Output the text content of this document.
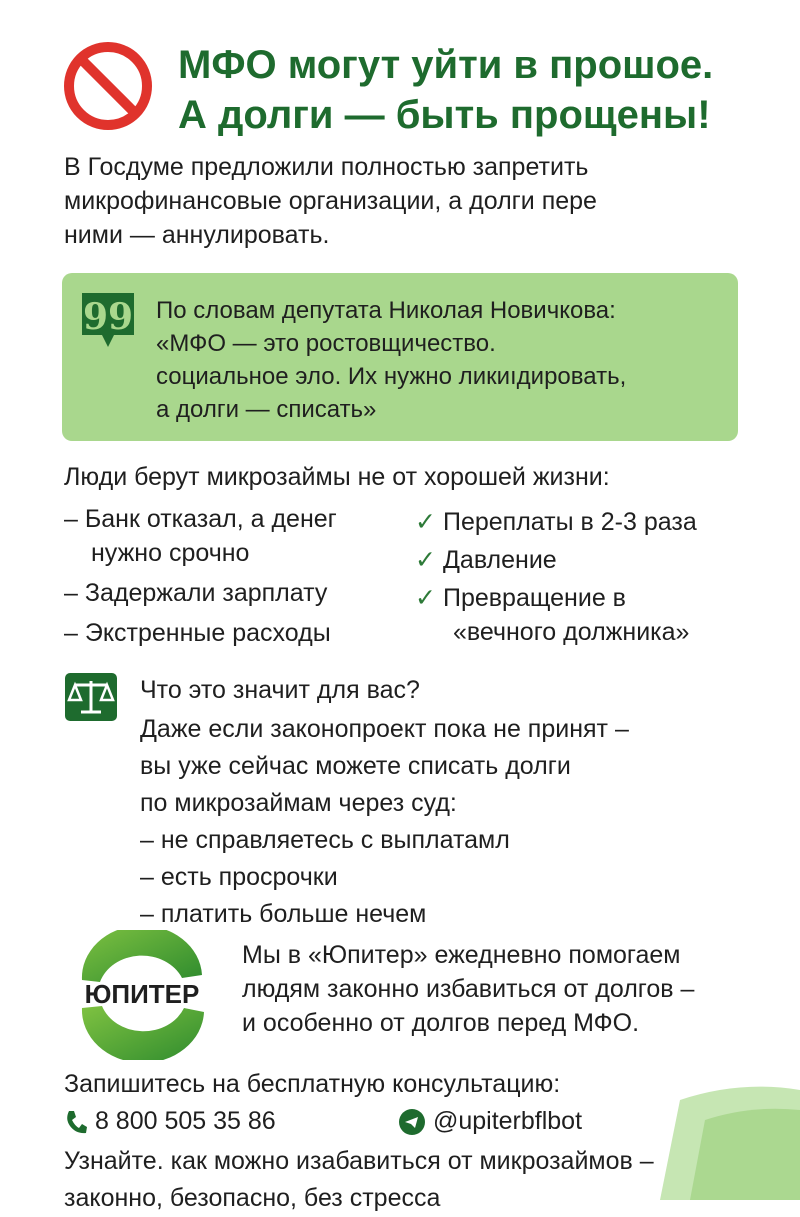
МФО могут уйти в прошое.
А долги — быть прощены!
В Госдуме предложили полностью запретить
микрофинансовые организации, а долги пере
ними — аннулировать.
99 По словам депутата Николая Новичкова:
«МФО — это ростовщичество.
социальное эло. Их нужно ликиıдировать,
а долги — списать»
Люди берут микрозаймы не от хорошей жизни:
– Банк отказал, а денег
нужно срочно
– Задержали зарплату
– Экстренные расходы
✓ Переплаты в 2-3 раза
✓ Давление
✓ Превращение в
«вечного должника»
Что это значит для вас?
Даже если законопроект пока не принят –
вы уже сейчас можете списать долги
по микрозаймам через суд:
– не справляетесь с выплатамл
– есть просрочки
– платить больше нечем
ЮПИТЕР
Мы в «Юпитер» ежедневно помогаем
людям законно избавиться от долгов –
и особенно от долгов перед МФО.
Запишитесь на бесплатную консультацию:
8 800 505 35 86	@upiterbflbot
Узнайте. как можно изабавиться от микрозаймов –
законно, безопасно, без стресса
